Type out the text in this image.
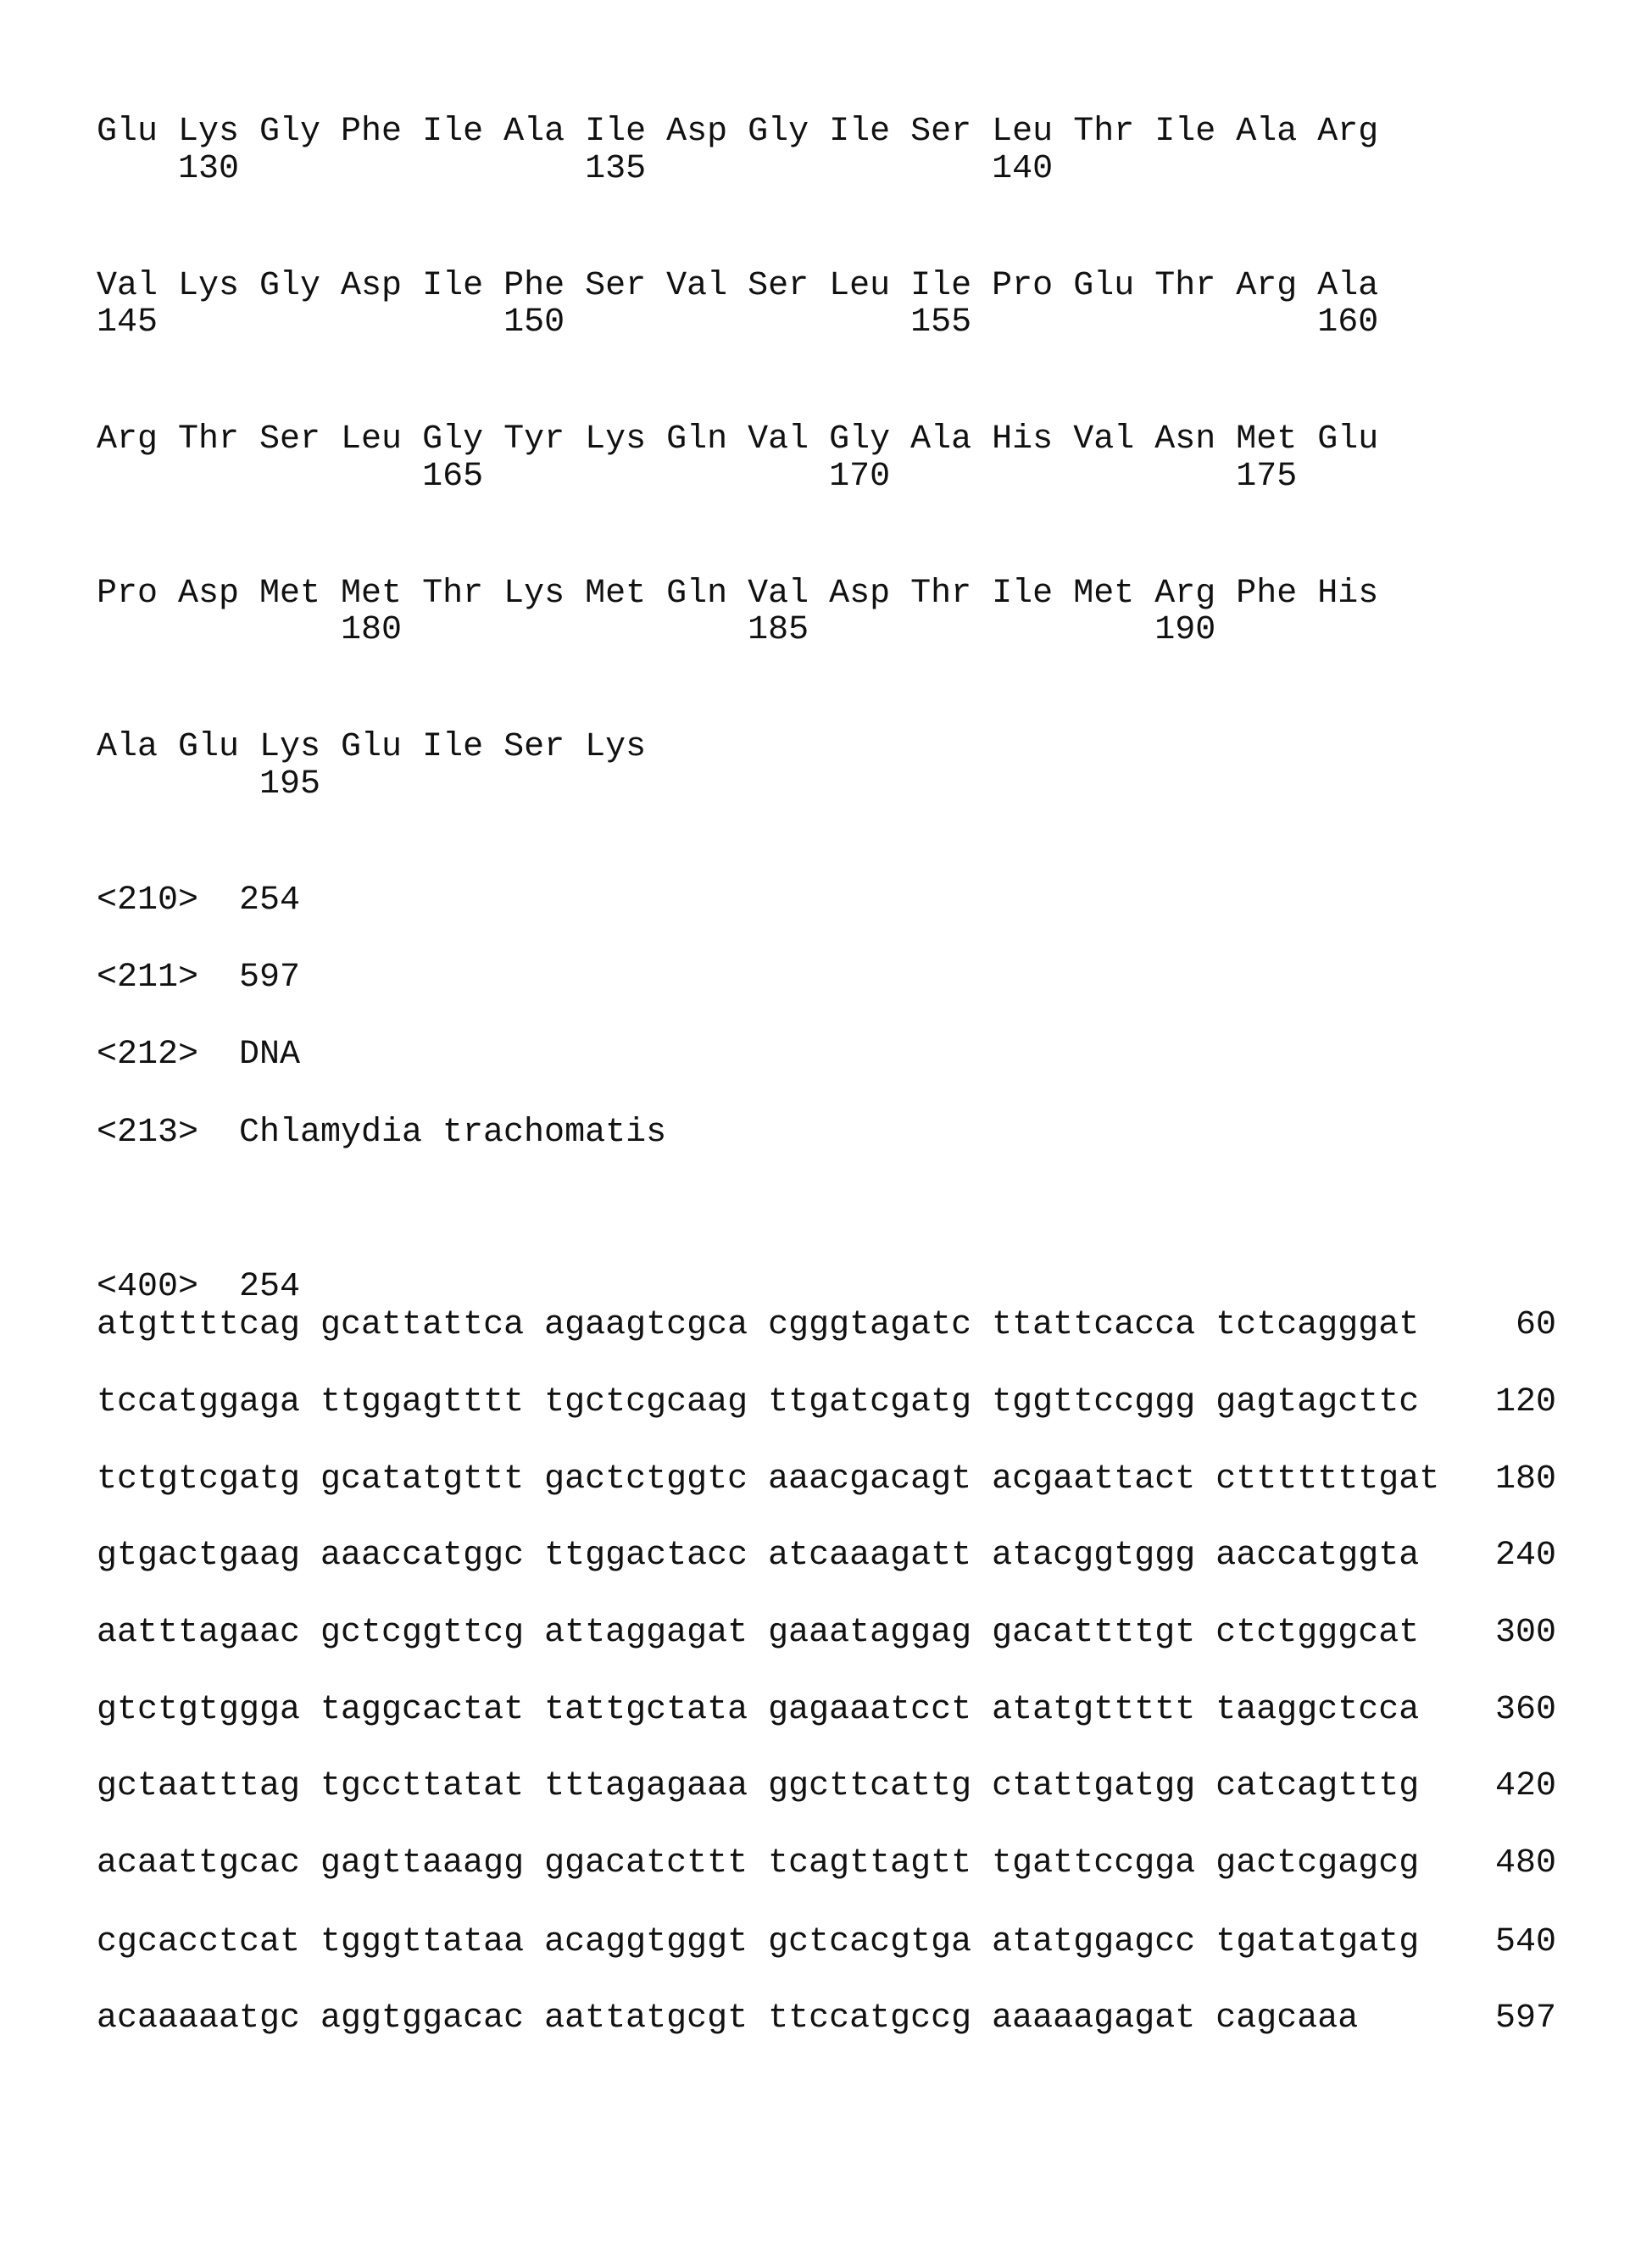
Glu Lys Gly Phe Ile Ala Ile Asp Gly Ile Ser Leu Thr Ile Ala Arg
130                 135                 140
Val Lys Gly Asp Ile Phe Ser Val Ser Leu Ile Pro Glu Thr Arg Ala
145                 150                 155                 160
Arg Thr Ser Leu Gly Tyr Lys Gln Val Gly Ala His Val Asn Met Glu
165                 170                 175
Pro Asp Met Met Thr Lys Met Gln Val Asp Thr Ile Met Arg Phe His
180                 185                 190
Ala Glu Lys Glu Ile Ser Lys
195
<210> 254
<211> 597
<212> DNA
<213> Chlamydia trachomatis
<400> 254
atgttttcag gcattattca agaagtcgca cgggtagatc ttattcacca tctcagggat	60
tccatggaga ttggagtttt tgctcgcaag ttgatcgatg tggttccggg gagtagcttc 120
tctgtcgatg gcatatgttt gactctggtc aaacgacagt acgaattact ctttttttgat 180
gtgactgaag aaaccatggc ttggactacc atcaaagatt atacggtggg aaccatggta 240
aatttagaac gctcggttcg attaggagat gaaataggag gacattttgt ctctgggcat 300
gtctgtggga taggcactat tattgctata gagaaatcct atatgttttt taaggctcca 360
gctaatttag tgccttatat tttagagaaa ggcttcattg ctattgatgg catcagtttg 420
acaattgcac gagttaaagg ggacatcttt tcagttagtt tgattccgga gactcgagcg 480
cgcacctcat tgggttataa acaggtgggt gctcacgtga atatggagcc tgatatgatg 540
acaaaaatgc aggtggacac aattatgcgt ttccatgccg aaaaagagat cagcaaa	597
